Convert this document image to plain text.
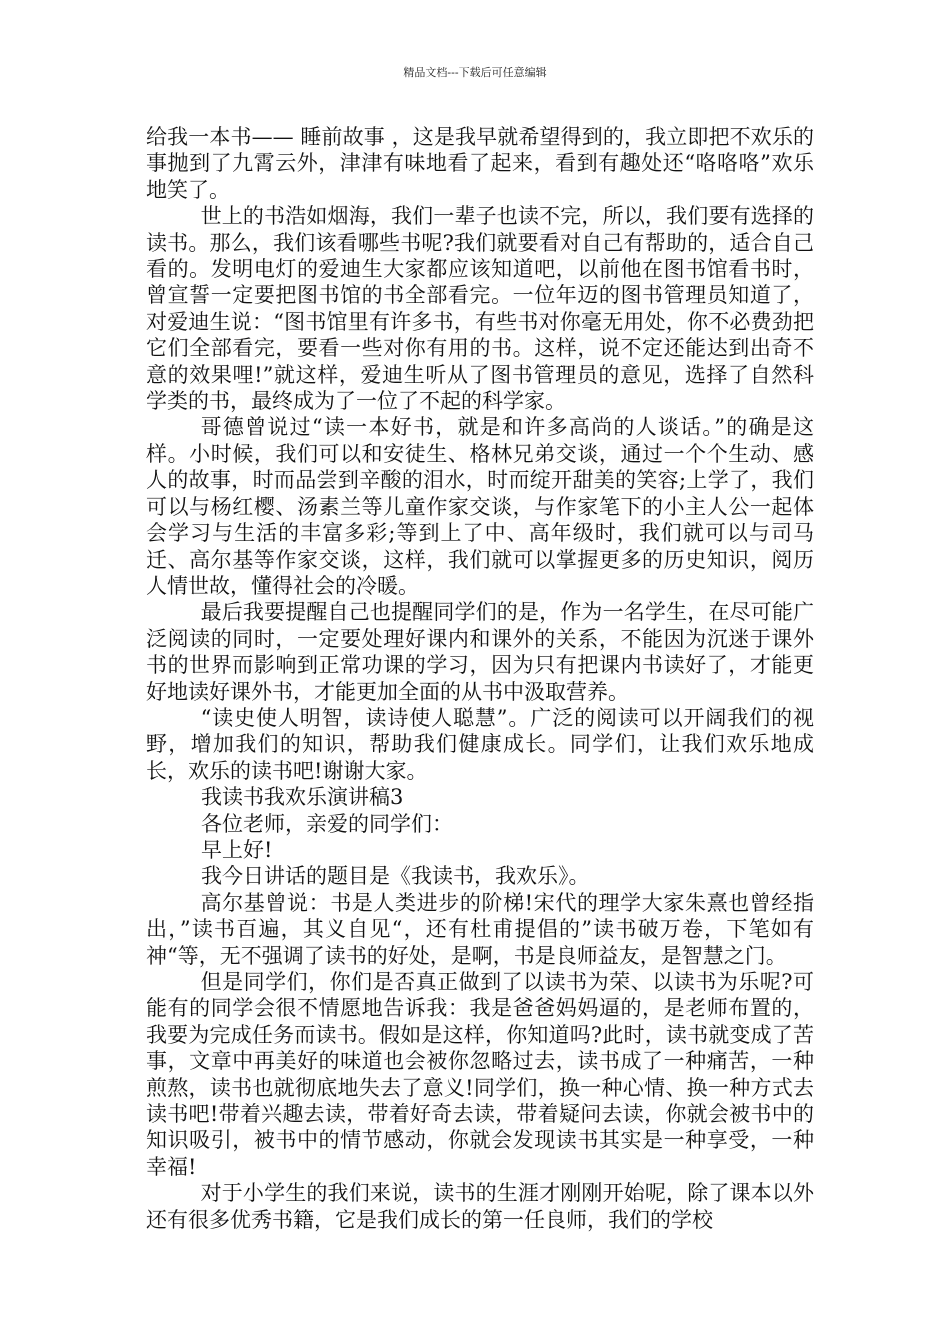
精品文档---下载后可任意编辑

给我一本书—— 睡前故事 ，这是我早就希望得到的，我立即把不欢乐的事抛到了九霄云外，津津有味地看了起来，看到有趣处还“咯咯咯”欢乐地笑了。

世上的书浩如烟海，我们一辈子也读不完，所以，我们要有选择的读书。那么，我们该看哪些书呢?我们就要看对自己有帮助的，适合自己看的。发明电灯的爱迪生大家都应该知道吧，以前他在图书馆看书时，曾宣誓一定要把图书馆的书全部看完。一位年迈的图书管理员知道了，对爱迪生说：“图书馆里有许多书，有些书对你毫无用处，你不必费劲把它们全部看完，要看一些对你有用的书。这样，说不定还能达到出奇不意的效果哩!”就这样，爱迪生听从了图书管理员的意见，选择了自然科学类的书，最终成为了一位了不起的科学家。

哥德曾说过“读一本好书，就是和许多高尚的人谈话。”的确是这样。小时候，我们可以和安徒生、格林兄弟交谈，通过一个个生动、感人的故事，时而品尝到辛酸的泪水，时而绽开甜美的笑容;上学了，我们可以与杨红樱、汤素兰等儿童作家交谈，与作家笔下的小主人公一起体会学习与生活的丰富多彩;等到上了中、高年级时，我们就可以与司马迁、高尔基等作家交谈，这样，我们就可以掌握更多的历史知识，阅历人情世故，懂得社会的冷暖。

最后我要提醒自己也提醒同学们的是，作为一名学生，在尽可能广泛阅读的同时，一定要处理好课内和课外的关系，不能因为沉迷于课外书的世界而影响到正常功课的学习，因为只有把课内书读好了，才能更好地读好课外书，才能更加全面的从书中汲取营养。

“读史使人明智，读诗使人聪慧”。广泛的阅读可以开阔我们的视野，增加我们的知识，帮助我们健康成长。同学们，让我们欢乐地成长，欢乐的读书吧!谢谢大家。

我读书我欢乐演讲稿3

各位老师，亲爱的同学们：

早上好!

我今日讲话的题目是《我读书，我欢乐》。

高尔基曾说：书是人类进步的阶梯!宋代的理学大家朱熹也曾经指出，”读书百遍，其义自见“，还有杜甫提倡的”读书破万卷，下笔如有神“等，无不强调了读书的好处，是啊，书是良师益友，是智慧之门。

但是同学们，你们是否真正做到了以读书为荣、以读书为乐呢?可能有的同学会很不情愿地告诉我：我是爸爸妈妈逼的，是老师布置的，我要为完成任务而读书。假如是这样，你知道吗?此时，读书就变成了苦事，文章中再美好的味道也会被你忽略过去，读书成了一种痛苦，一种煎熬，读书也就彻底地失去了意义!同学们，换一种心情、换一种方式去读书吧!带着兴趣去读，带着好奇去读，带着疑问去读，你就会被书中的知识吸引，被书中的情节感动，你就会发现读书其实是一种享受，一种幸福!

对于小学生的我们来说，读书的生涯才刚刚开始呢，除了课本以外还有很多优秀书籍，它是我们成长的第一任良师，我们的学校
